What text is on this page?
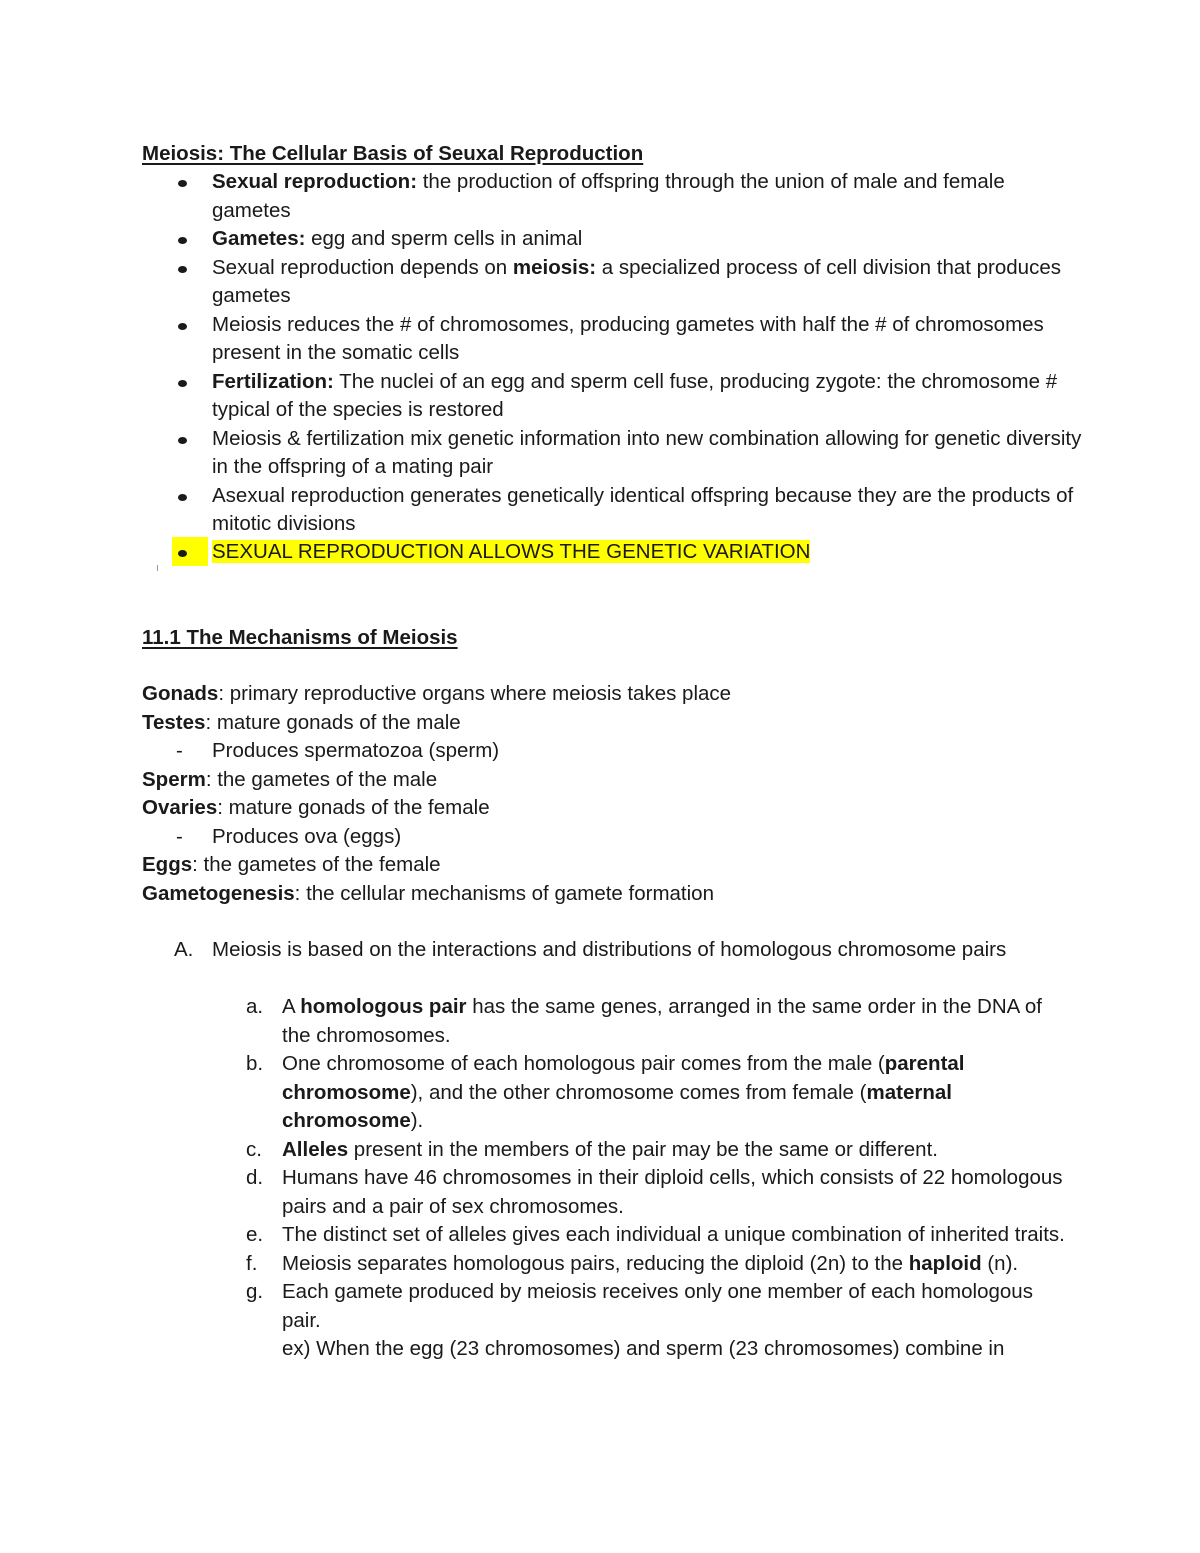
Meiosis: The Cellular Basis of Seuxal Reproduction
Sexual reproduction: the production of offspring through the union of male and female gametes
Gametes: egg and sperm cells in animal
Sexual reproduction depends on meiosis: a specialized process of cell division that produces gametes
Meiosis reduces the # of chromosomes, producing gametes with half the # of chromosomes present in the somatic cells
Fertilization: The nuclei of an egg and sperm cell fuse, producing zygote: the chromosome # typical of the species is restored
Meiosis & fertilization mix genetic information into new combination allowing for genetic diversity in the offspring of a mating pair
Asexual reproduction generates genetically identical offspring because they are the products of mitotic divisions
SEXUAL REPRODUCTION ALLOWS THE GENETIC VARIATION
11.1 The Mechanisms of Meiosis
Gonads: primary reproductive organs where meiosis takes place
Testes: mature gonads of the male
- Produces spermatozoa (sperm)
Sperm: the gametes of the male
Ovaries: mature gonads of the female
- Produces ova (eggs)
Eggs: the gametes of the female
Gametogenesis: the cellular mechanisms of gamete formation
A. Meiosis is based on the interactions and distributions of homologous chromosome pairs
a. A homologous pair has the same genes, arranged in the same order in the DNA of the chromosomes.
b. One chromosome of each homologous pair comes from the male (parental chromosome), and the other chromosome comes from female (maternal chromosome).
c. Alleles present in the members of the pair may be the same or different.
d. Humans have 46 chromosomes in their diploid cells, which consists of 22 homologous pairs and a pair of sex chromosomes.
e. The distinct set of alleles gives each individual a unique combination of inherited traits.
f. Meiosis separates homologous pairs, reducing the diploid (2n) to the haploid (n).
g. Each gamete produced by meiosis receives only one member of each homologous pair.
ex) When the egg (23 chromosomes) and sperm (23 chromosomes) combine in
